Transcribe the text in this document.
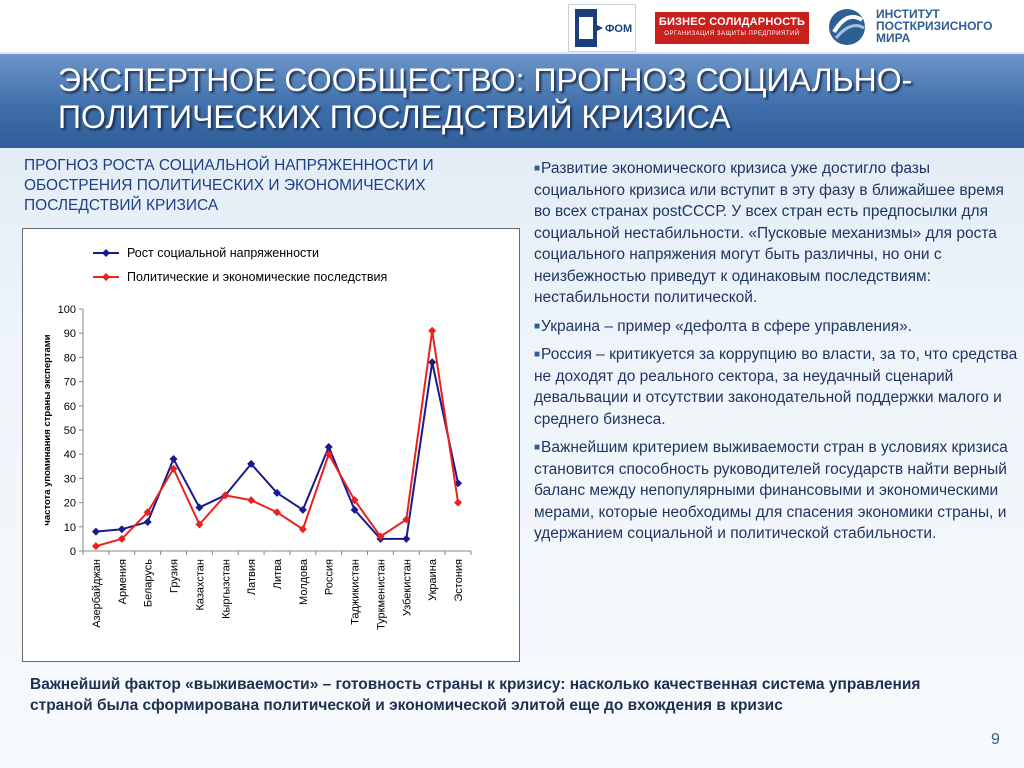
ФОМ
БИЗНЕС СОЛИДАРНОСТЬ
ОРГАНИЗАЦИЯ ЗАЩИТЫ ПРЕДПРИЯТИЙ
ИНСТИТУТ
ПОСТКРИЗИСНОГО
МИРА
ЭКСПЕРТНОЕ СООБЩЕСТВО: ПРОГНОЗ СОЦИАЛЬНО-ПОЛИТИЧЕСКИХ ПОСЛЕДСТВИЙ КРИЗИСА
ПРОГНОЗ РОСТА СОЦИАЛЬНОЙ НАПРЯЖЕННОСТИ И ОБОСТРЕНИЯ ПОЛИТИЧЕСКИХ И ЭКОНОМИЧЕСКИХ ПОСЛЕДСТВИЙ КРИЗИСА
0
10
20
30
40
50
60
70
80
90
100
частота упоминания страны экспертами
Азербайджан Армения Беларусь Грузия Казахстан Кыргызстан Латвия Литва Молдова Россия Таджикистан Туркменистан Узбекистан Украина Эстония
Рост социальной напряженности
Политические и экономические последствия
■Развитие экономического кризиса уже достигло фазы социального кризиса или вступит в эту фазу в ближайшее время во всех странах postСССР. У всех стран есть предпосылки для социальной нестабильности. «Пусковые механизмы» для роста социального напряжения могут быть различны, но они с неизбежностью приведут к одинаковым последствиям: нестабильности политической.
■Украина – пример «дефолта в сфере управления».
■Россия – критикуется за коррупцию во власти, за то, что средства не доходят до реального сектора, за неудачный сценарий девальвации и отсутствии законодательной поддержки малого и среднего бизнеса.
■Важнейшим критерием выживаемости стран в условиях кризиса становится способность руководителей государств найти верный баланс между непопулярными финансовыми и экономическими мерами, которые необходимы для спасения экономики страны, и удержанием социальной и политической стабильности.
Важнейший фактор «выживаемости» – готовность страны к кризису: насколько качественная система управления страной была сформирована политической и экономической элитой еще до вхождения в кризис
9
